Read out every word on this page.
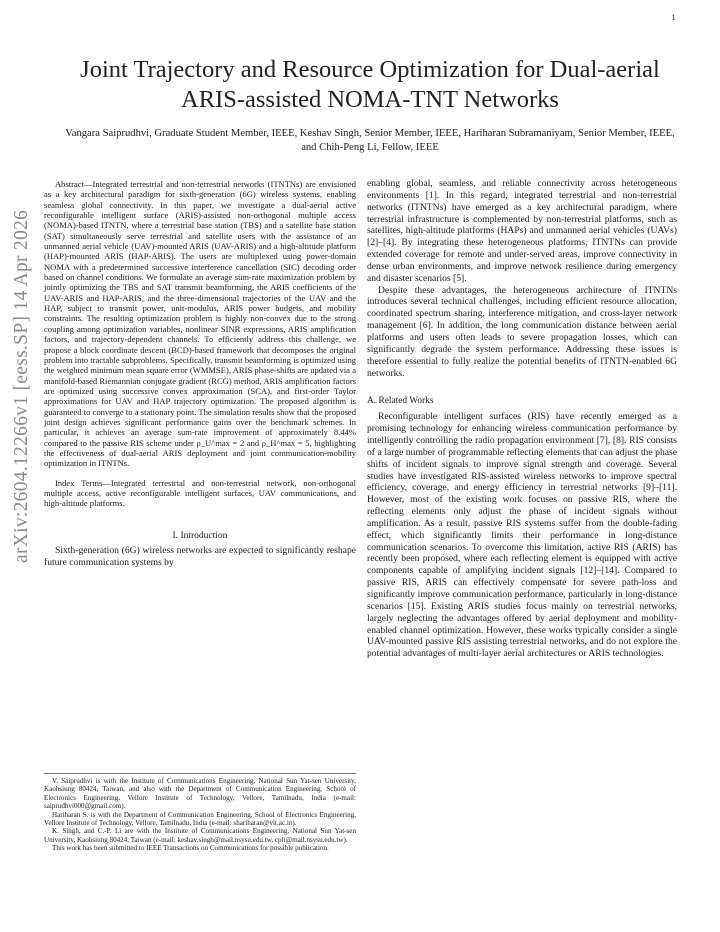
1
arXiv:2604.12266v1 [eess.SP] 14 Apr 2026
Joint Trajectory and Resource Optimization for Dual-aerial ARIS-assisted NOMA-TNT Networks

Vangara Saiprudhvi, Graduate Student Member, IEEE, Keshav Singh, Senior Member, IEEE, Hariharan Subramaniyam, Senior Member, IEEE, and Chih-Peng Li, Fellow, IEEE

Abstract—Integrated terrestrial and non-terrestrial networks (ITNTNs) are envisioned as a key architectural paradigm for sixth-generation (6G) wireless systems, enabling seamless global connectivity. In this paper, we investigate a dual-aerial active reconfigurable intelligent surface (ARIS)-assisted non-orthogonal multiple access (NOMA)-based ITNTN, where a terrestrial base station (TBS) and a satellite base station (SAT) simultaneously serve terrestrial and satellite users with the assistance of an unmanned aerial vehicle (UAV)-mounted ARIS (UAV-ARIS) and a high-altitude platform (HAP)-mounted ARIS (HAP-ARIS). The users are multiplexed using power-domain NOMA with a predetermined successive interference cancellation (SIC) decoding order based on channel conditions. We formulate an average sum-rate maximization problem by jointly optimizing the TBS and SAT transmit beamforming, the ARIS coefficients of the UAV-ARIS and HAP-ARIS, and the three-dimensional trajectories of the UAV and the HAP, subject to transmit power, unit-modulus, ARIS power budgets, and mobility constraints. The resulting optimization problem is highly non-convex due to the strong coupling among optimization variables, nonlinear SINR expressions, ARIS amplification factors, and trajectory-dependent channels. To efficiently address this challenge, we propose a block coordinate descent (BCD)-based framework that decomposes the original problem into tractable subproblems. Specifically, transmit beamforming is optimized using the weighted minimum mean square error (WMMSE), ARIS phase-shifts are updated via a manifold-based Riemannian conjugate gradient (RCG) method, ARIS amplification factors are optimized using successive convex approximation (SCA), and first-order Taylor approximations for UAV and HAP trajectory optimization. The proposed algorithm is guaranteed to converge to a stationary point. The simulation results show that the proposed joint design achieves significant performance gains over the benchmark schemes. In particular, it achieves an average sum-rate improvement of approximately 8.44% compared to the passive RIS scheme under ρ_U^max = 2 and ρ_H^max = 5, highlighting the effectiveness of dual-aerial ARIS deployment and joint communication-mobility optimization in ITNTNs.

Index Terms—Integrated terrestrial and non-terrestrial network, non-orthogonal multiple access, active reconfigurable intelligent surfaces, UAV communications, and high-altitude platforms.

I. Introduction

Sixth-generation (6G) wireless networks are expected to significantly reshape future communication systems by

V. Saiprudhvi is with the Institute of Communications Engineering, National Sun Yat-sen University, Kaohsiung 80424, Taiwan, and also with the Department of Communication Engineering, School of Electronics Engineering, Vellore Institute of Technology, Vellore, Tamilnadu, India (e-mail: saiprudhvi000@gmail.com).

Hariharan S. is with the Department of Communication Engineering, School of Electronics Engineering, Vellore Institute of Technology, Vellore, Tamilnadu, India (e-mail: shariharan@vit.ac.in).

K. Singh, and C.-P. Li are with the Institute of Communications Engineering, National Sun Yat-sen University, Kaohsiung 80424, Taiwan (e-mail: keshav.singh@mail.nsysu.edu.tw, cpli@mail.nsysu.edu.tw).

This work has been submitted to IEEE Transactions on Communications for possible publication.

enabling global, seamless, and reliable connectivity across heterogeneous environments [1]. In this regard, integrated terrestrial and non-terrestrial networks (ITNTNs) have emerged as a key architectural paradigm, where terrestrial infrastructure is complemented by non-terrestrial platforms, such as satellites, high-altitude platforms (HAPs) and unmanned aerial vehicles (UAVs) [2]–[4]. By integrating these heterogeneous platforms, ITNTNs can provide extended coverage for remote and under-served areas, improve connectivity in dense urban environments, and improve network resilience during emergency and disaster scenarios [5].

Despite these advantages, the heterogeneous architecture of ITNTNs introduces several technical challenges, including efficient resource allocation, coordinated spectrum sharing, interference mitigation, and cross-layer network management [6]. In addition, the long communication distance between aerial platforms and users often leads to severe propagation losses, which can significantly degrade the system performance. Addressing these issues is therefore essential to fully realize the potential benefits of ITNTN-enabled 6G networks.

A. Related Works

Reconfigurable intelligent surfaces (RIS) have recently emerged as a promising technology for enhancing wireless communication performance by intelligently controlling the radio propagation environment [7], [8]. RIS consists of a large number of programmable reflecting elements that can adjust the phase shifts of incident signals to improve signal strength and coverage. Several studies have investigated RIS-assisted wireless networks to improve spectral efficiency, coverage, and energy efficiency in terrestrial networks [9]–[11]. However, most of the existing work focuses on passive RIS, where the reflecting elements only adjust the phase of incident signals without amplification. As a result, passive RIS systems suffer from the double-fading effect, which significantly limits their performance in long-distance communication scenarios. To overcome this limitation, active RIS (ARIS) has recently been proposed, where each reflecting element is equipped with active components capable of amplifying incident signals [12]–[14]. Compared to passive RIS, ARIS can effectively compensate for severe path-loss and significantly improve communication performance, particularly in long-distance scenarios [15]. Existing ARIS studies focus mainly on terrestrial networks, largely neglecting the advantages offered by aerial deployment and mobility-enabled channel optimization. However, these works typically consider a single UAV-mounted passive RIS assisting terrestrial networks, and do not explore the potential advantages of multi-layer aerial architectures or ARIS technologies.
